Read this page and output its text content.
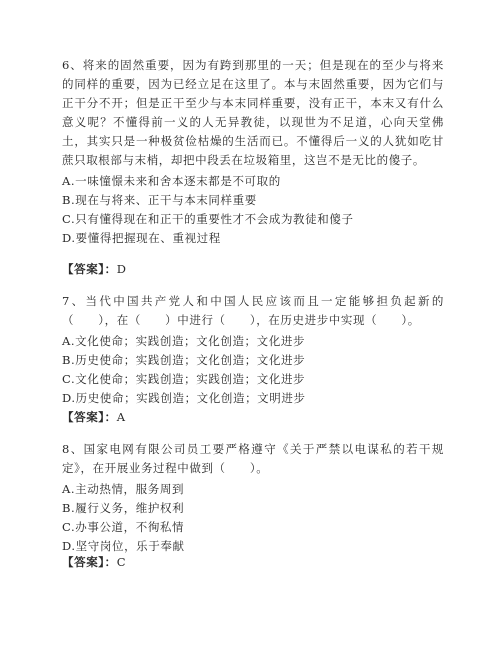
6、将来的固然重要，因为有跨到那里的一天；但是现在的至少与将来的同样的重要，因为已经立足在这里了。本与末固然重要，因为它们与正干分不开；但是正干至少与本末同样重要，没有正干，本末又有什么意义呢？不懂得前一义的人无异教徒，以现世为不足道，心向天堂佛土，其实只是一种极贫俭枯燥的生活而已。不懂得后一义的人犹如吃甘蔗只取根部与末梢，却把中段丢在垃圾箱里，这岂不是无比的傻子。

A.一味憧憬未来和舍本逐末都是不可取的
B.现在与将来、正干与本末同样重要
C.只有懂得现在和正干的重要性才不会成为教徒和傻子
D.要懂得把握现在、重视过程
【答案】：D

7、当代中国共产党人和中国人民应该而且一定能够担负起新的（　　），在（　　）中进行（　　），在历史进步中实现（　　）。

A.文化使命；实践创造；文化创造；文化进步
B.历史使命；实践创造；文化创造；文化进步
C.文化使命；实践创造；实践创造；文化进步
D.历史使命；实践创造；文化创造；文明进步
【答案】：A

8、国家电网有限公司员工要严格遵守《关于严禁以电谋私的若干规定》，在开展业务过程中做到（　　）。

A.主动热情，服务周到
B.履行义务，维护权利
C.办事公道，不徇私情
D.坚守岗位，乐于奉献
【答案】：C
